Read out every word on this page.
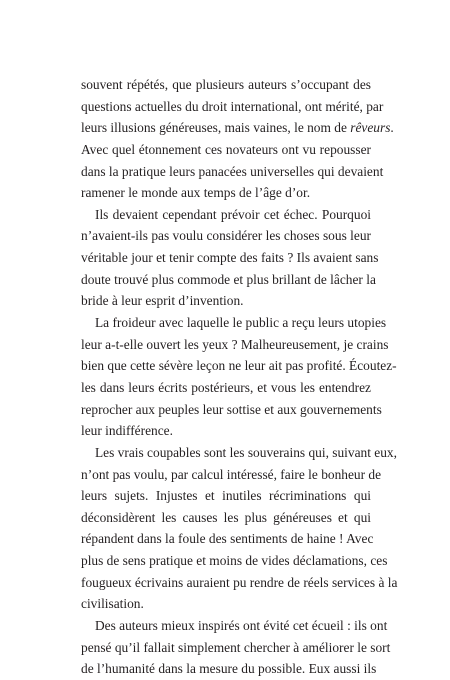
souvent répétés, que plusieurs auteurs s’occupant des
questions actuelles du droit international, ont mérité, par
leurs illusions généreuses, mais vaines, le nom de rêveurs.
Avec quel étonnement ces novateurs ont vu repousser
dans la pratique leurs panacées universelles qui devaient
ramener le monde aux temps de l’âge d’or.
Ils devaient cependant prévoir cet échec. Pourquoi
n’avaient-ils pas voulu considérer les choses sous leur
véritable jour et tenir compte des faits ? Ils avaient sans
doute trouvé plus commode et plus brillant de lâcher la
bride à leur esprit d’invention.
La froideur avec laquelle le public a reçu leurs utopies
leur a-t-elle ouvert les yeux ? Malheureusement, je crains
bien que cette sévère leçon ne leur ait pas profité. Écoutez-
les dans leurs écrits postérieurs, et vous les entendrez
reprocher aux peuples leur sottise et aux gouvernements
leur indifférence.
Les vrais coupables sont les souverains qui, suivant eux,
n’ont pas voulu, par calcul intéressé, faire le bonheur de
leurs sujets. Injustes et inutiles récriminations qui
déconsidèrent les causes les plus généreuses et qui
répandent dans la foule des sentiments de haine ! Avec
plus de sens pratique et moins de vides déclamations, ces
fougueux écrivains auraient pu rendre de réels services à la
civilisation.
Des auteurs mieux inspirés ont évité cet écueil : ils ont
pensé qu’il fallait simplement chercher à améliorer le sort
de l’humanité dans la mesure du possible. Eux aussi ils
